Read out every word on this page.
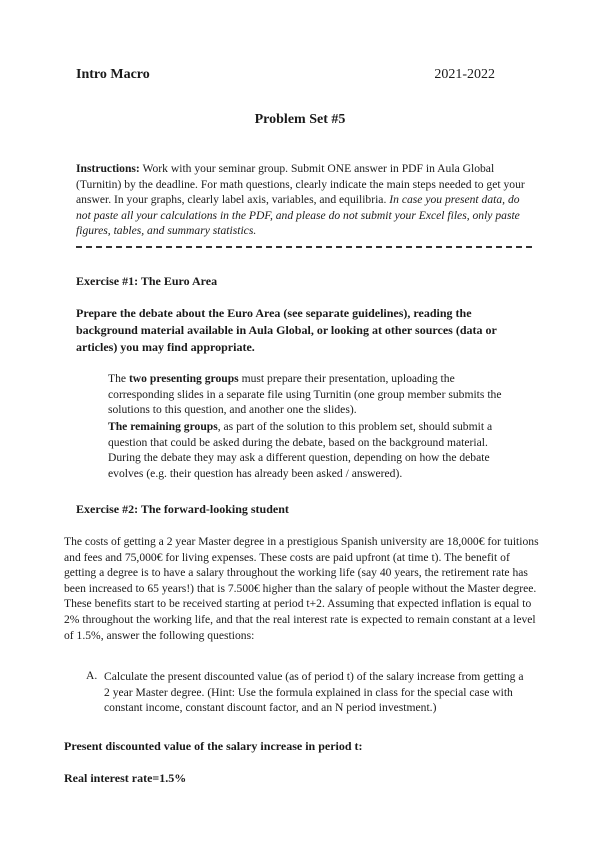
Intro Macro	2021-2022
Problem Set #5
Instructions: Work with your seminar group. Submit ONE answer in PDF in Aula Global (Turnitin) by the deadline. For math questions, clearly indicate the main steps needed to get your answer. In your graphs, clearly label axis, variables, and equilibria. In case you present data, do not paste all your calculations in the PDF, and please do not submit your Excel files, only paste figures, tables, and summary statistics.
Exercise #1: The Euro Area
Prepare the debate about the Euro Area (see separate guidelines), reading the background material available in Aula Global, or looking at other sources (data or articles) you may find appropriate.
The two presenting groups must prepare their presentation, uploading the corresponding slides in a separate file using Turnitin (one group member submits the solutions to this question, and another one the slides).
The remaining groups, as part of the solution to this problem set, should submit a question that could be asked during the debate, based on the background material. During the debate they may ask a different question, depending on how the debate evolves (e.g. their question has already been asked / answered).
Exercise #2: The forward-looking student
The costs of getting a 2 year Master degree in a prestigious Spanish university are 18,000€ for tuitions and fees and 75,000€ for living expenses. These costs are paid upfront (at time t). The benefit of getting a degree is to have a salary throughout the working life (say 40 years, the retirement rate has been increased to 65 years!) that is 7.500€ higher than the salary of people without the Master degree. These benefits start to be received starting at period t+2. Assuming that expected inflation is equal to 2% throughout the working life, and that the real interest rate is expected to remain constant at a level of 1.5%, answer the following questions:
A. Calculate the present discounted value (as of period t) of the salary increase from getting a 2 year Master degree. (Hint: Use the formula explained in class for the special case with constant income, constant discount factor, and an N period investment.)
Present discounted value of the salary increase in period t:
Real interest rate=1.5%
